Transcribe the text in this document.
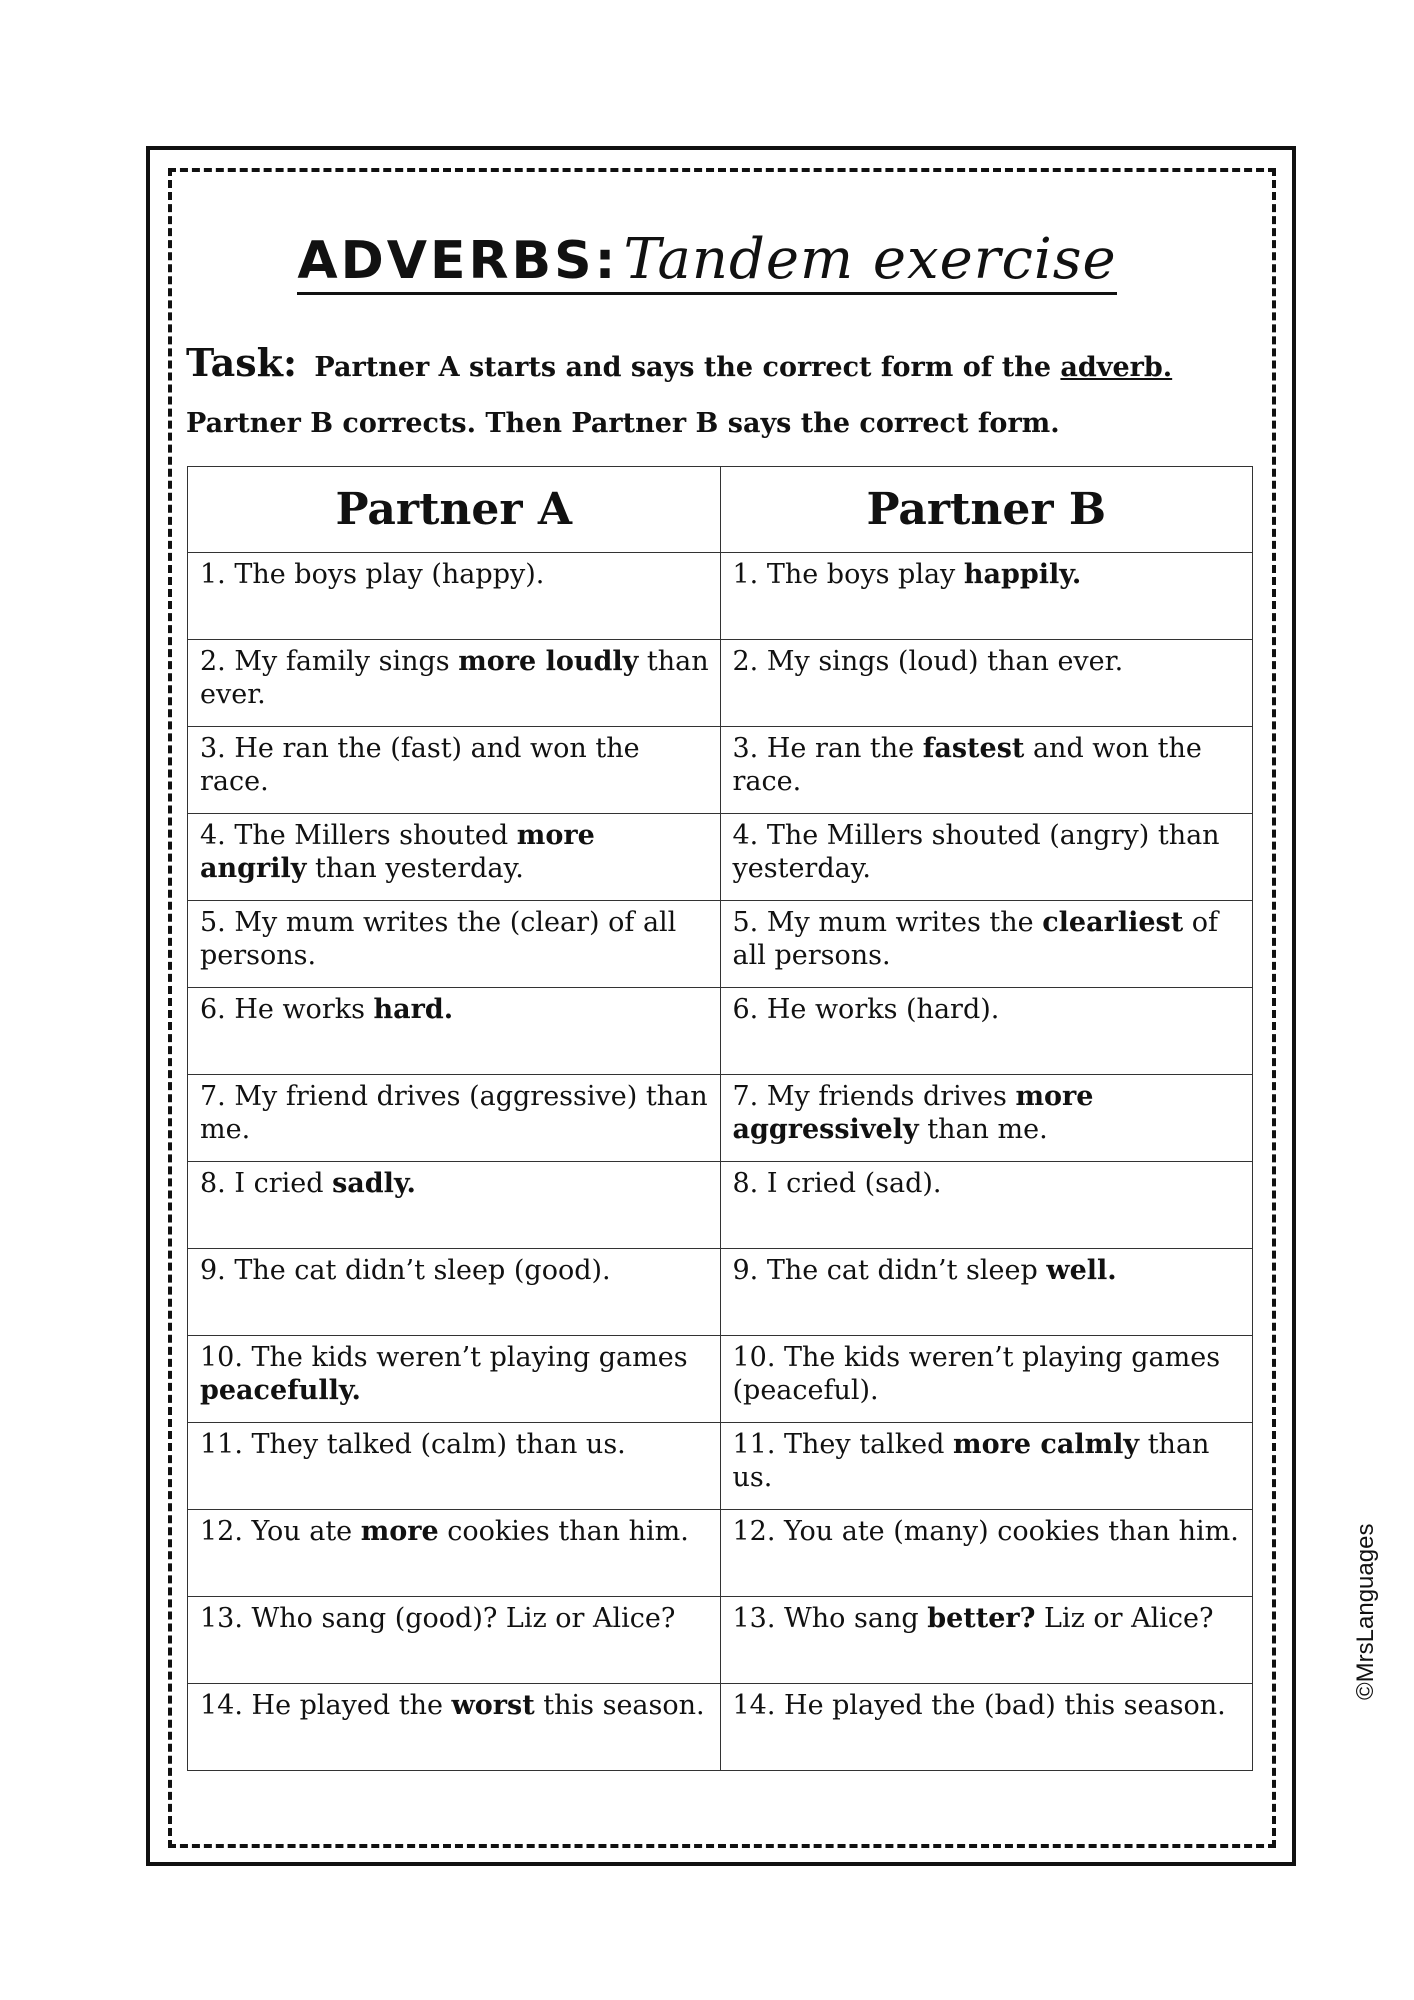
ADVERBS: Tandem exercise
Task: Partner A starts and says the correct form of the adverb.
Partner B corrects. Then Partner B says the correct form.
Partner A	Partner B
1. The boys play (happy).	1. The boys play happily.
2. My family sings more loudly than ever.	2. My sings (loud) than ever.
3. He ran the (fast) and won the race.	3. He ran the fastest and won the race.
4. The Millers shouted more angrily than yesterday.	4. The Millers shouted (angry) than yesterday.
5. My mum writes the (clear) of all persons.	5. My mum writes the clearliest of all persons.
6. He works hard.	6. He works (hard).
7. My friend drives (aggressive) than me.	7. My friends drives more aggressively than me.
8. I cried sadly.	8. I cried (sad).
9. The cat didn’t sleep (good).	9. The cat didn’t sleep well.
10. The kids weren’t playing games peacefully.	10. The kids weren’t playing games (peaceful).
11. They talked (calm) than us.	11. They talked more calmly than us.
12. You ate more cookies than him.	12. You ate (many) cookies than him.
13. Who sang (good)? Liz or Alice?	13. Who sang better? Liz or Alice?
14. He played the worst this season.	14. He played the (bad) this season.
©MrsLanguages
